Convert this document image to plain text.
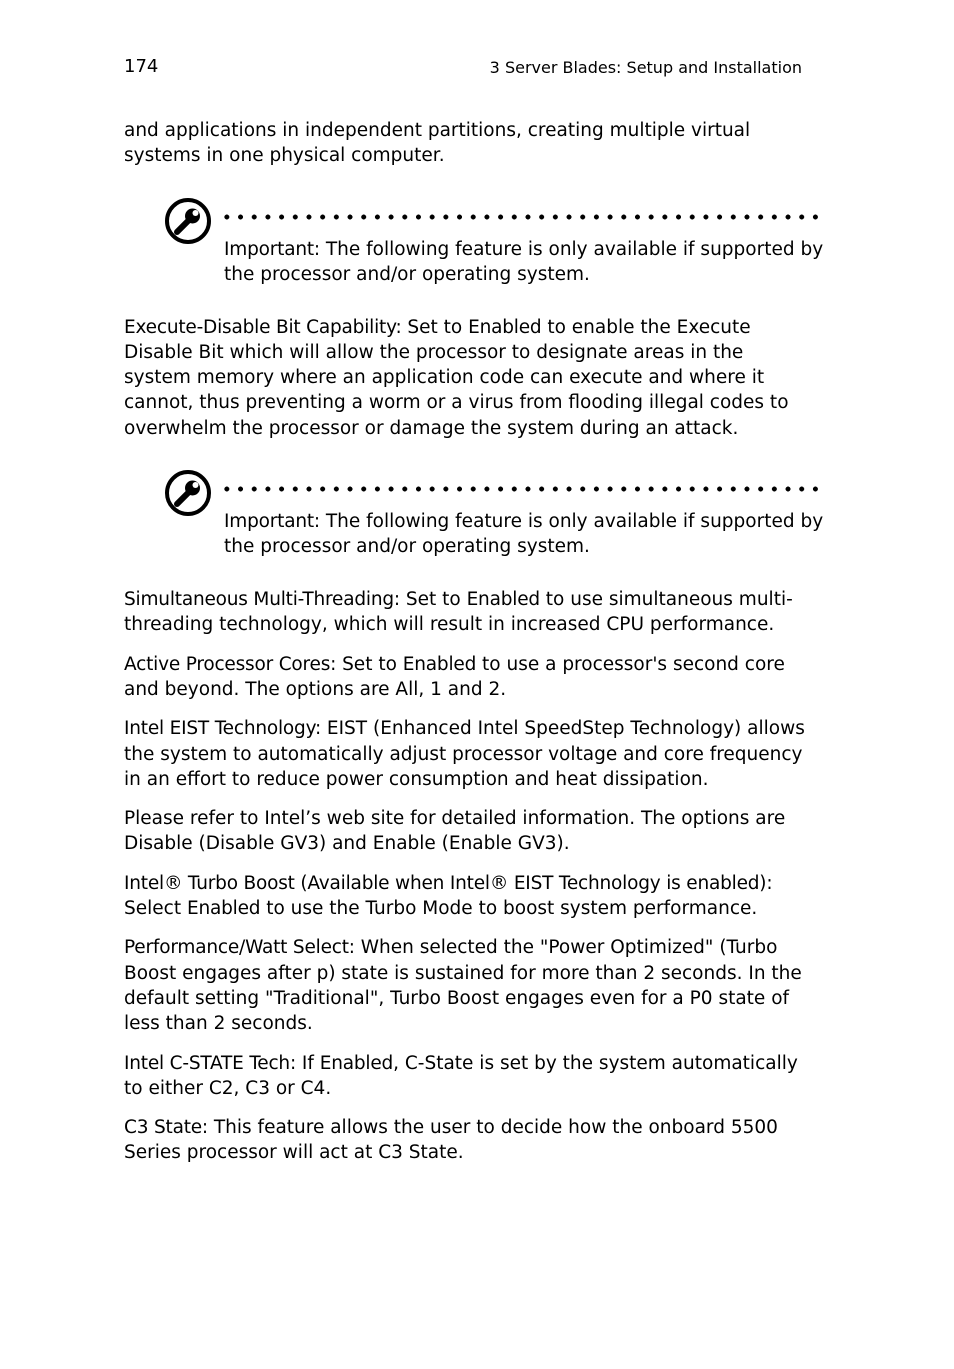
174	3 Server Blades: Setup and Installation

and applications in independent partitions, creating multiple virtual systems in one physical computer.

Important: The following feature is only available if supported by the processor and/or operating system.

Execute-Disable Bit Capability: Set to Enabled to enable the Execute Disable Bit which will allow the processor to designate areas in the system memory where an application code can execute and where it cannot, thus preventing a worm or a virus from flooding illegal codes to overwhelm the processor or damage the system during an attack.

Important: The following feature is only available if supported by the processor and/or operating system.

Simultaneous Multi-Threading: Set to Enabled to use simultaneous multi-threading technology, which will result in increased CPU performance.

Active Processor Cores: Set to Enabled to use a processor's second core and beyond. The options are All, 1 and 2.

Intel EIST Technology: EIST (Enhanced Intel SpeedStep Technology) allows the system to automatically adjust processor voltage and core frequency in an effort to reduce power consumption and heat dissipation.

Please refer to Intel’s web site for detailed information. The options are Disable (Disable GV3) and Enable (Enable GV3).

Intel® Turbo Boost (Available when Intel® EIST Technology is enabled): Select Enabled to use the Turbo Mode to boost system performance.

Performance/Watt Select: When selected the "Power Optimized" (Turbo Boost engages after p) state is sustained for more than 2 seconds. In the default setting "Traditional", Turbo Boost engages even for a P0 state of less than 2 seconds.

Intel C-STATE Tech: If Enabled, C-State is set by the system automatically to either C2, C3 or C4.

C3 State: This feature allows the user to decide how the onboard 5500 Series processor will act at C3 State.
